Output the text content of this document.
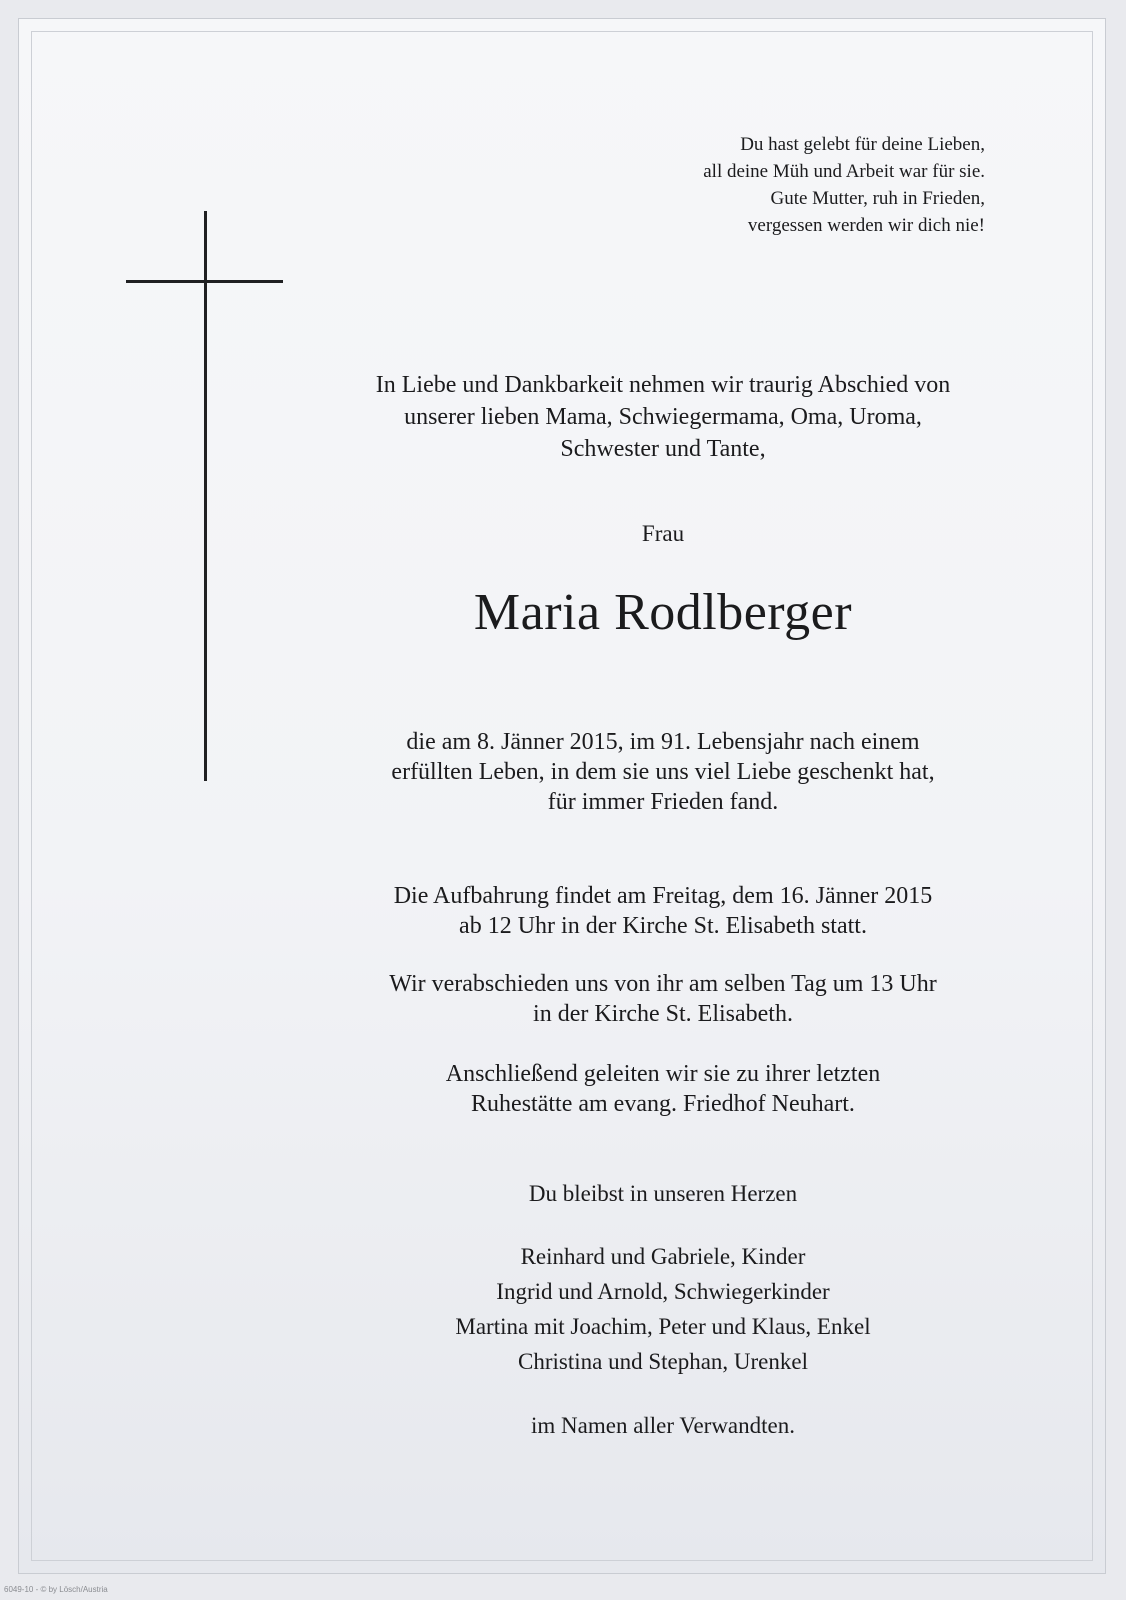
Du hast gelebt für deine Lieben,
all deine Müh und Arbeit war für sie.
Gute Mutter, ruh in Frieden,
vergessen werden wir dich nie!
In Liebe und Dankbarkeit nehmen wir traurig Abschied von
unserer lieben Mama, Schwiegermama, Oma, Uroma,
Schwester und Tante,
Frau
Maria Rodlberger
die am 8. Jänner 2015, im 91. Lebensjahr nach einem
erfüllten Leben, in dem sie uns viel Liebe geschenkt hat,
für immer Frieden fand.
Die Aufbahrung findet am Freitag, dem 16. Jänner 2015
ab 12 Uhr in der Kirche St. Elisabeth statt.
Wir verabschieden uns von ihr am selben Tag um 13 Uhr
in der Kirche St. Elisabeth.
Anschließend geleiten wir sie zu ihrer letzten
Ruhestätte am evang. Friedhof Neuhart.
Du bleibst in unseren Herzen
Reinhard und Gabriele, Kinder
Ingrid und Arnold, Schwiegerkinder
Martina mit Joachim, Peter und Klaus, Enkel
Christina und Stephan, Urenkel
im Namen aller Verwandten.
6049-10 - © by Lösch/Austria
